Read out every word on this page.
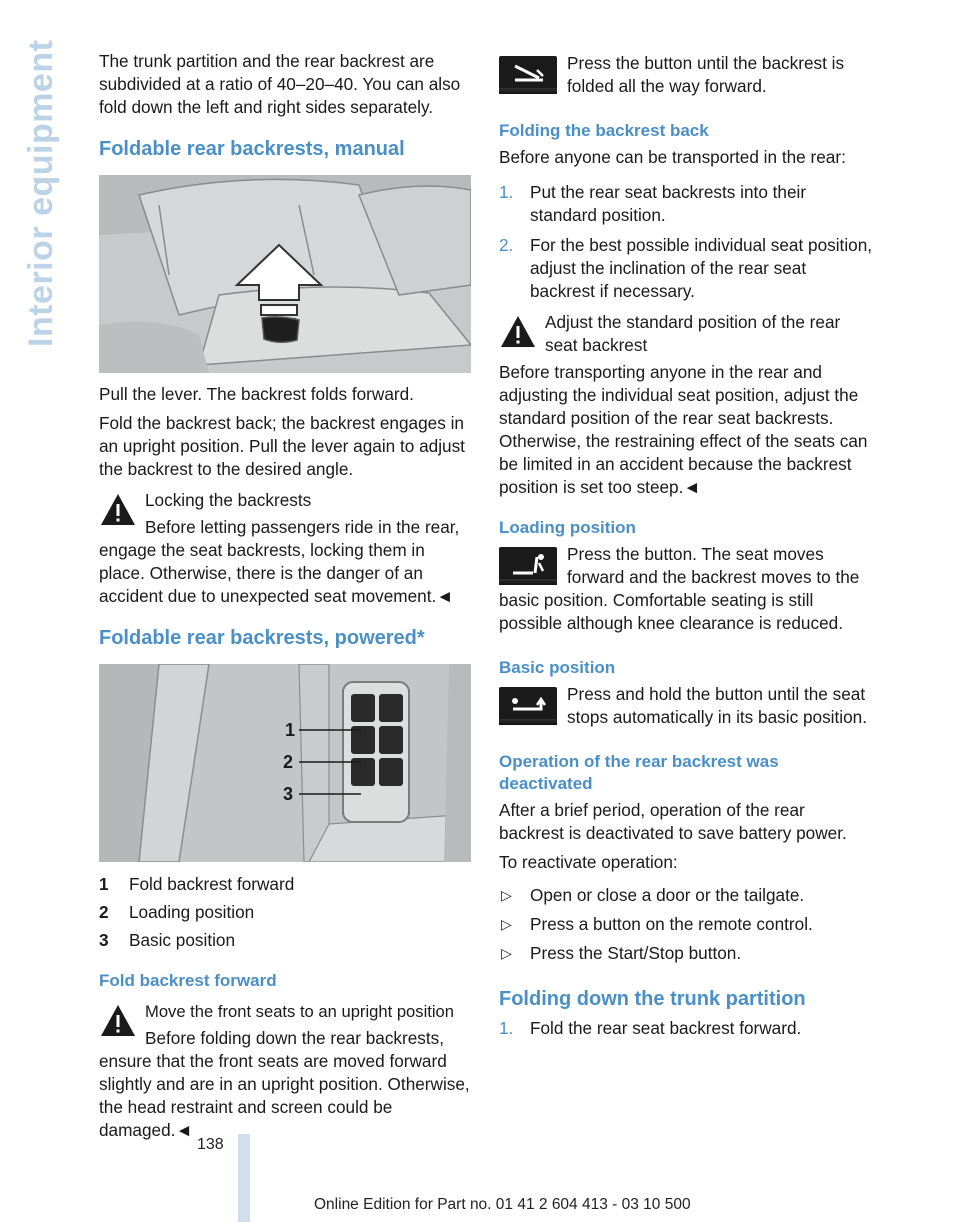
Interior equipment The trunk partition and the rear backrest are subdivided at a ratio of 40–20–40. You can also fold down the left and right sides separately.

Foldable rear backrests, manual

Pull the lever. The backrest folds forward.

Fold the backrest back; the backrest engages in an upright position. Pull the lever again to adjust the backrest to the desired angle.

Locking the backrests

Before letting passengers ride in the rear, engage the seat backrests, locking them in place. Otherwise, there is the danger of an accident due to unexpected seat movement.◄

Foldable rear backrests, powered*
1
2
3
1	Fold backrest forward
2	Loading position
3	Basic position
Fold backrest forward

Move the front seats to an upright position

Before folding down the rear backrests, ensure that the front seats are moved forward slightly and are in an upright position. Otherwise, the head restraint and screen could be damaged.◄

Press the button until the backrest is folded all the way forward.

Folding the backrest back

Before anyone can be transported in the rear:

1. Put the rear seat backrests into their standard position.
2. For the best possible individual seat position, adjust the inclination of the rear seat backrest if necessary.

Adjust the standard position of the rear seat backrest

Before transporting anyone in the rear and adjusting the individual seat position, adjust the standard position of the rear seat backrests. Otherwise, the restraining effect of the seats can be limited in an accident because the backrest position is set too steep.◄

Loading position

Press the button. The seat moves forward and the backrest moves to the basic position. Comfortable seating is still possible although knee clearance is reduced.

Basic position

Press and hold the button until the seat stops automatically in its basic position.

Operation of the rear backrest was deactivated

After a brief period, operation of the rear backrest is deactivated to save battery power.

To reactivate operation:

▷ Open or close a door or the tailgate.
▷ Press a button on the remote control.
▷ Press the Start/Stop button.
Folding down the trunk partition
1. Fold the rear seat backrest forward.
138
Online Edition for Part no. 01 41 2 604 413 - 03 10 500
